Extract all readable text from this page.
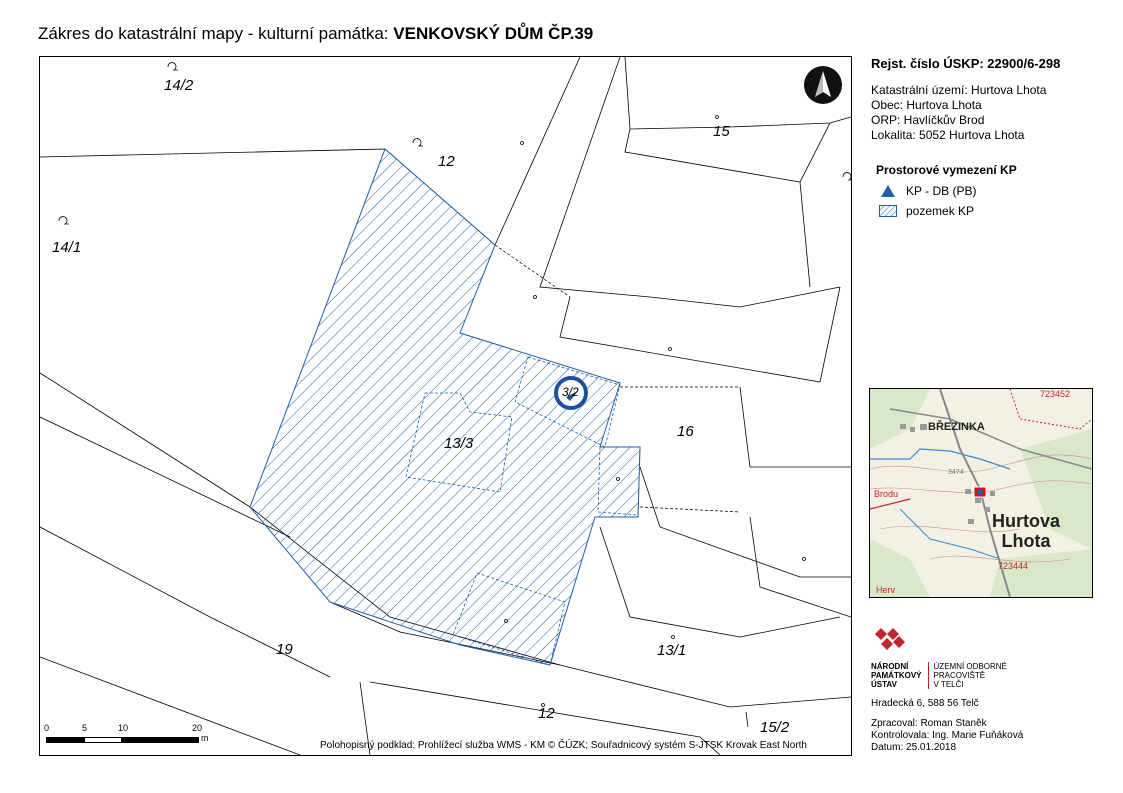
Zákres do katastrální mapy - kulturní památka: VENKOVSKÝ DŮM ČP.39
14/2
12
15
14/1
13/3
3/2
16
19	13/1
12
15/2
0	5	10	20
m
Polohopisný podklad: Prohlížecí služba WMS - KM © ČÚZK; Souřadnicový systém S-JTSK Krovak East North
Rejst. číslo ÚSKP: 22900/6-298
Katastrální území: Hurtova Lhota
Obec: Hurtova Lhota
ORP: Havlíčkův Brod
Lokalita: 5052 Hurtova Lhota
Prostorové vymezení KP
KP - DB (PB)
pozemek KP
BŘEZINKA
Hurtova
Lhota
723452
723444
Brodu
Herv
3474
NÁRODNÍ
PAMÁTKOVÝ
ÚSTAV
ÚZEMNÍ ODBORNÉ
PRACOVIŠTĚ
V TELČI
Hradecká 6, 588 56 Telč
Zpracoval: Roman Staněk
Kontrolovala: Ing. Marie Fuňáková
Datum: 25.01.2018
